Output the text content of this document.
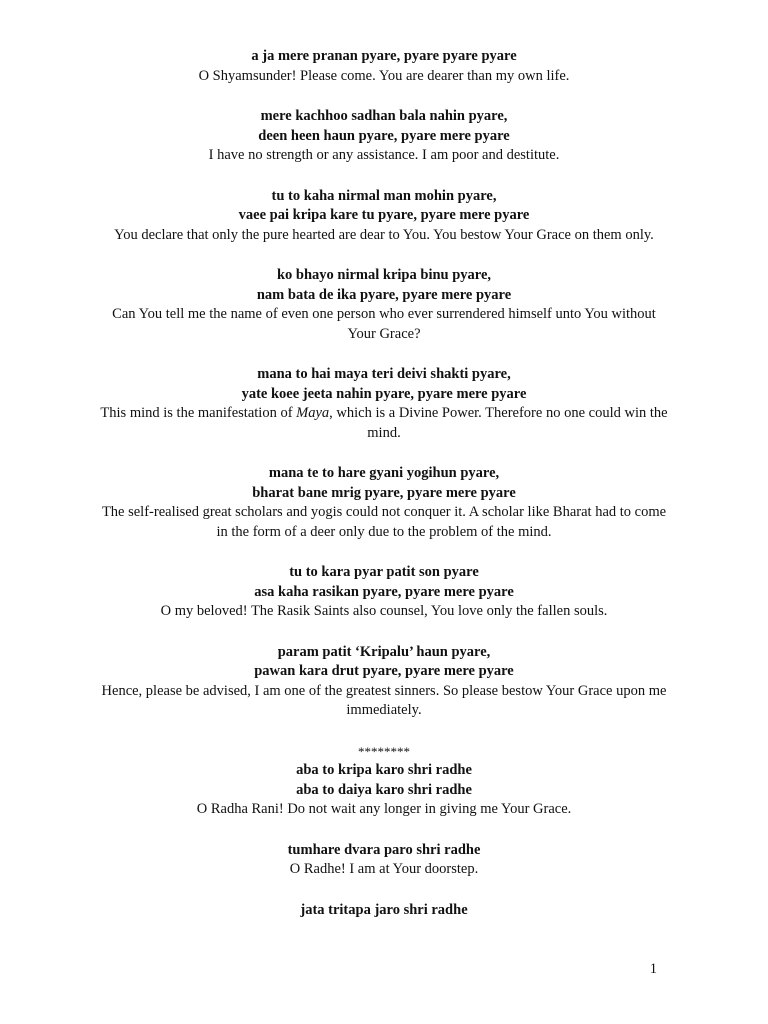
a ja mere pranan pyare, pyare pyare pyare
O Shyamsunder! Please come. You are dearer than my own life.
mere kachhoo sadhan bala nahin pyare,
deen heen haun pyare, pyare mere pyare
I have no strength or any assistance. I am poor and destitute.
tu to kaha nirmal man mohin pyare,
vaee pai kripa kare tu pyare, pyare mere pyare
You declare that only the pure hearted are dear to You. You bestow Your Grace on them only.
ko bhayo nirmal kripa binu pyare,
nam bata de ika pyare, pyare mere pyare
Can You tell me the name of even one person who ever surrendered himself unto You without Your Grace?
mana to hai maya teri deivi shakti pyare,
yate koee jeeta nahin pyare, pyare mere pyare
This mind is the manifestation of Maya, which is a Divine Power. Therefore no one could win the mind.
mana te to hare gyani yogihun pyare,
bharat bane mrig pyare, pyare mere pyare
The self-realised great scholars and yogis could not conquer it. A scholar like Bharat had to come in the form of a deer only due to the problem of the mind.
tu to kara pyar patit son pyare
asa kaha rasikan pyare, pyare mere pyare
O my beloved! The Rasik Saints also counsel, You love only the fallen souls.
param patit ‘Kripalu’ haun pyare,
pawan kara drut pyare, pyare mere pyare
Hence, please be advised, I am one of the greatest sinners. So please bestow Your Grace upon me immediately.
********
aba to kripa karo shri radhe
aba to daiya karo shri radhe
O Radha Rani! Do not wait any longer in giving me Your Grace.
tumhare dvara paro shri radhe
O Radhe! I am at Your doorstep.
jata tritapa jaro shri radhe
1
